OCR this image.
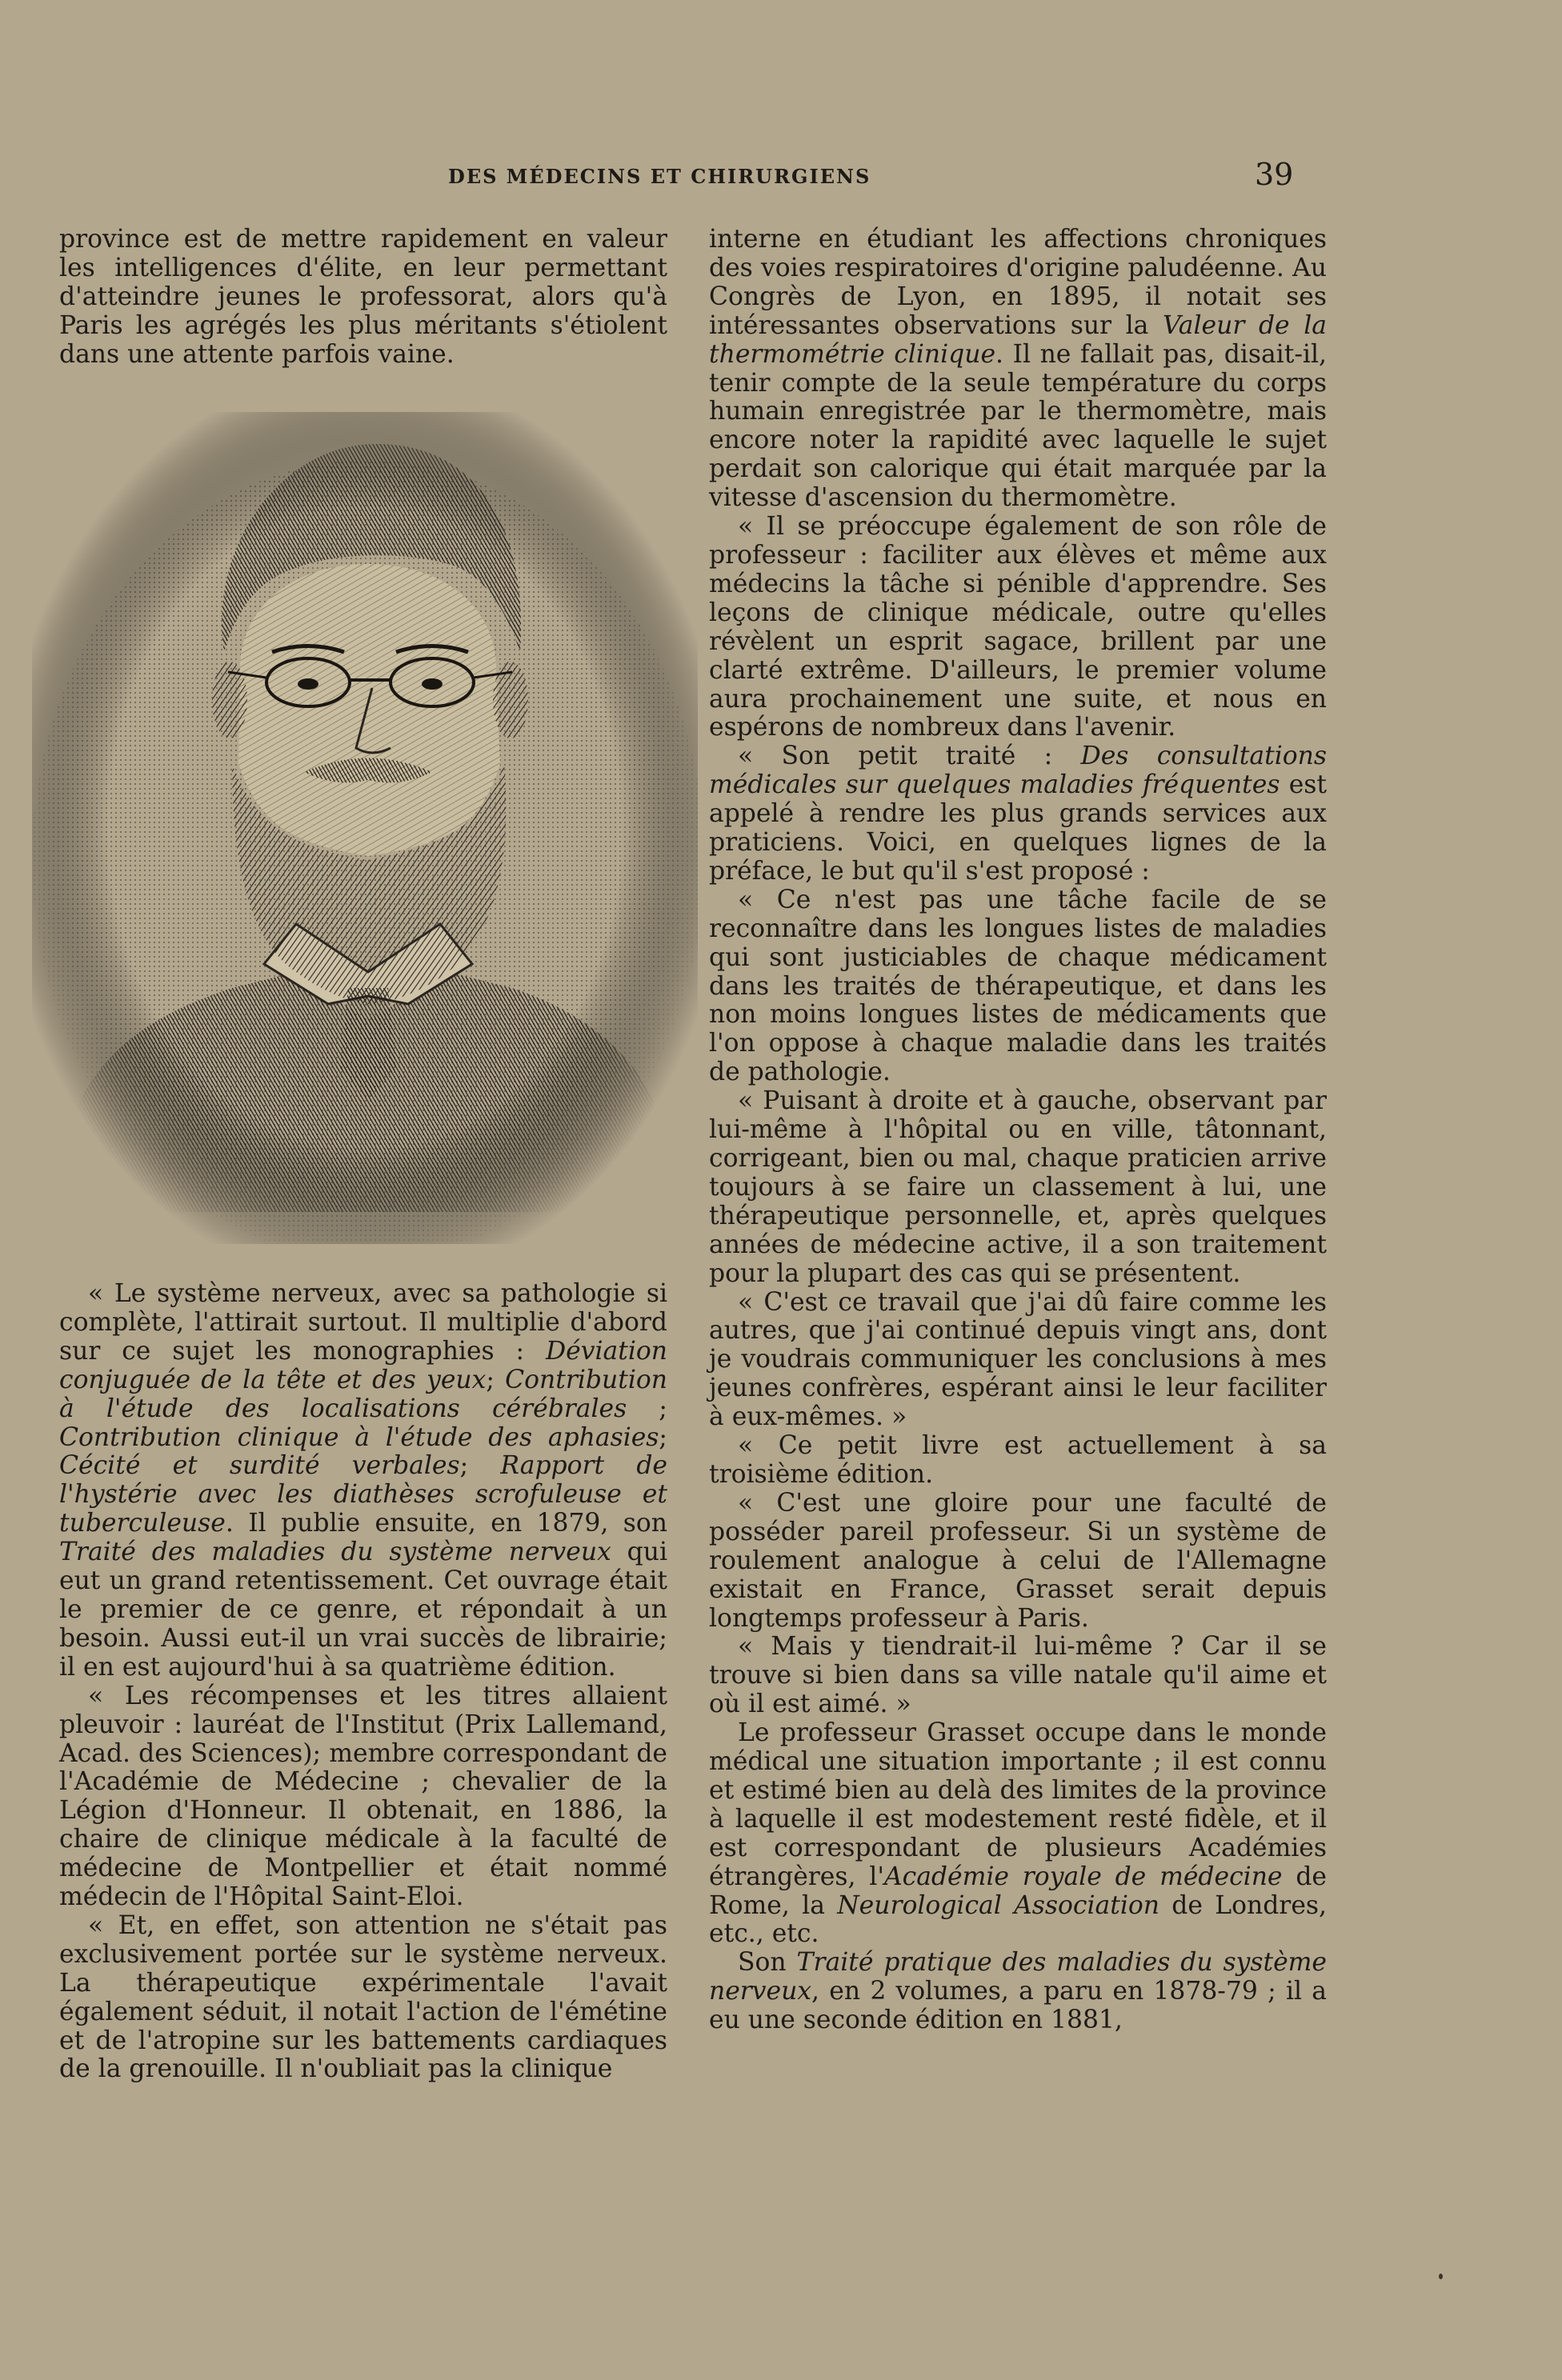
DES MÉDECINS ET CHIRURGIENS	39

province est de mettre rapidement en valeur les intelligences d'élite, en leur permettant d'atteindre jeunes le professorat, alors qu'à Paris les agrégés les plus méritants s'étiolent dans une attente parfois vaine.

« Le système nerveux, avec sa pathologie si complète, l'attirait surtout. Il multiplie d'abord sur ce sujet les monographies : Déviation conjuguée de la tête et des yeux; Contribution à l'étude des localisations cérébrales ; Contribution clinique à l'étude des aphasies; Cécité et surdité verbales; Rapport de l'hystérie avec les diathèses scrofuleuse et tuberculeuse. Il publie ensuite, en 1879, son Traité des maladies du système nerveux qui eut un grand retentissement. Cet ouvrage était le premier de ce genre, et répondait à un besoin. Aussi eut-il un vrai succès de librairie; il en est aujourd'hui à sa quatrième édition.

« Les récompenses et les titres allaient pleuvoir : lauréat de l'Institut (Prix Lallemand, Acad. des Sciences); membre correspondant de l'Académie de Médecine ; chevalier de la Légion d'Honneur. Il obtenait, en 1886, la chaire de clinique médicale à la faculté de médecine de Montpellier et était nommé médecin de l'Hôpital Saint-Eloi.

« Et, en effet, son attention ne s'était pas exclusivement portée sur le système nerveux. La thérapeutique expérimentale l'avait également séduit, il notait l'action de l'émétine et de l'atropine sur les battements cardiaques de la grenouille. Il n'oubliait pas la clinique

interne en étudiant les affections chroniques des voies respiratoires d'origine paludéenne. Au Congrès de Lyon, en 1895, il notait ses intéressantes observations sur la Valeur de la thermométrie clinique. Il ne fallait pas, disait-il, tenir compte de la seule température du corps humain enregistrée par le thermomètre, mais encore noter la rapidité avec laquelle le sujet perdait son calorique qui était marquée par la vitesse d'ascension du thermomètre.

« Il se préoccupe également de son rôle de professeur : faciliter aux élèves et même aux médecins la tâche si pénible d'apprendre. Ses leçons de clinique médicale, outre qu'elles révèlent un esprit sagace, brillent par une clarté extrême. D'ailleurs, le premier volume aura prochainement une suite, et nous en espérons de nombreux dans l'avenir.

« Son petit traité : Des consultations médicales sur quelques maladies fréquentes est appelé à rendre les plus grands services aux praticiens. Voici, en quelques lignes de la préface, le but qu'il s'est proposé :

« Ce n'est pas une tâche facile de se reconnaître dans les longues listes de maladies qui sont justiciables de chaque médicament dans les traités de thérapeutique, et dans les non moins longues listes de médicaments que l'on oppose à chaque maladie dans les traités de pathologie.

« Puisant à droite et à gauche, observant par lui-même à l'hôpital ou en ville, tâtonnant, corrigeant, bien ou mal, chaque praticien arrive toujours à se faire un classement à lui, une thérapeutique personnelle, et, après quelques années de médecine active, il a son traitement pour la plupart des cas qui se présentent.

« C'est ce travail que j'ai dû faire comme les autres, que j'ai continué depuis vingt ans, dont je voudrais communiquer les conclusions à mes jeunes confrères, espérant ainsi le leur faciliter à eux-mêmes. »

« Ce petit livre est actuellement à sa troisième édition.

« C'est une gloire pour une faculté de posséder pareil professeur. Si un système de roulement analogue à celui de l'Allemagne existait en France, Grasset serait depuis longtemps professeur à Paris.

« Mais y tiendrait-il lui-même ? Car il se trouve si bien dans sa ville natale qu'il aime et où il est aimé. »

Le professeur Grasset occupe dans le monde médical une situation importante ; il est connu et estimé bien au delà des limites de la province à laquelle il est modestement resté fidèle, et il est correspondant de plusieurs Académies étrangères, l'Académie royale de médecine de Rome, la Neurological Association de Londres, etc., etc.

Son Traité pratique des maladies du système nerveux, en 2 volumes, a paru en 1878-79 ; il a eu une seconde édition en 1881,
